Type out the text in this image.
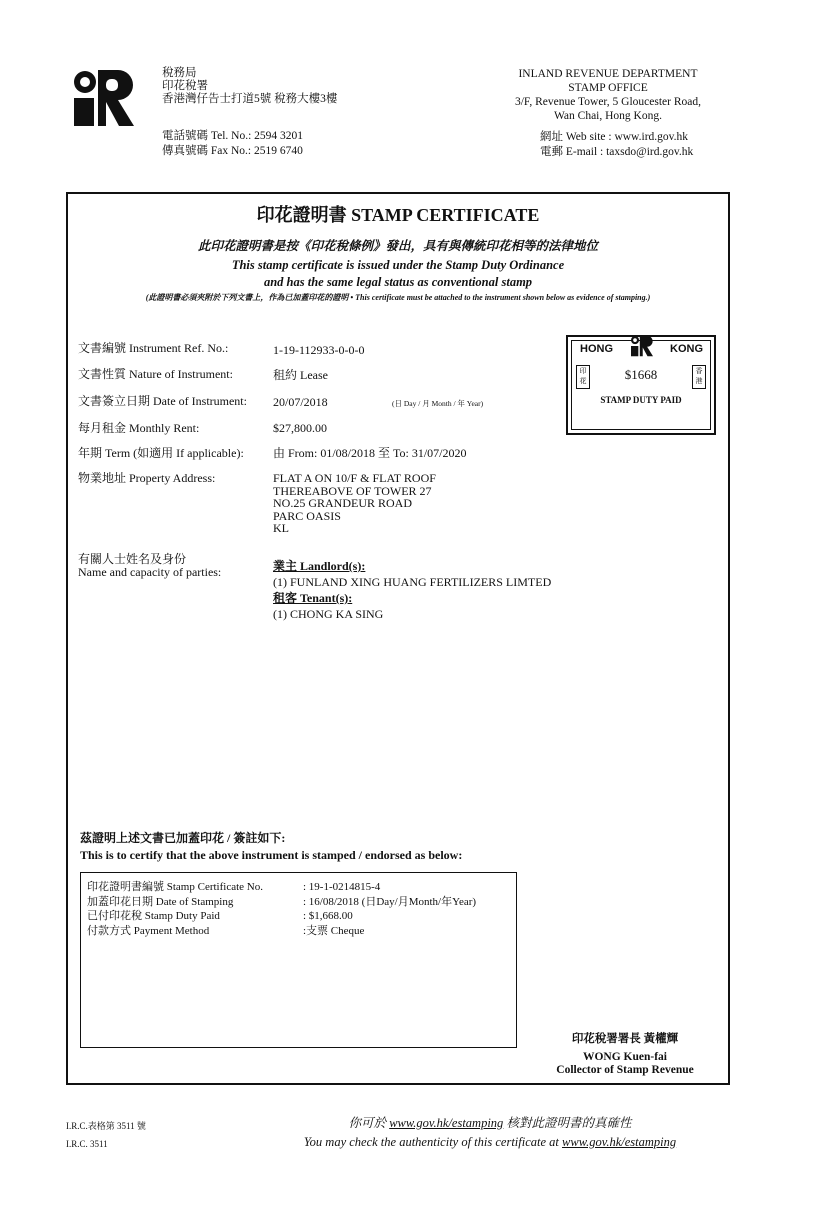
稅務局
印花稅署
香港灣仔告士打道5號 稅務大樓3樓
電話號碼 Tel. No.: 2594 3201
傳真號碼 Fax No.: 2519 6740
INLAND REVENUE DEPARTMENT
STAMP OFFICE
3/F, Revenue Tower, 5 Gloucester Road,
Wan Chai, Hong Kong.
網址 Web site : www.ird.gov.hk
電郵 E-mail : taxsdo@ird.gov.hk
印花證明書 STAMP CERTIFICATE
此印花證明書是按《印花稅條例》發出，具有與傳統印花相等的法律地位
This stamp certificate is issued under the Stamp Duty Ordinance
and has the same legal status as conventional stamp
(此證明書必須夾附於下列文書上，作為已加蓋印花的證明 • This certificate must be attached to the instrument shown below as evidence of stamping.)
文書編號 Instrument Ref. No.:	1-19-112933-0-0-0
文書性質 Nature of Instrument:	租約 Lease
文書簽立日期 Date of Instrument: 20/07/2018	(日 Day / 月 Month / 年 Year)
每月租金 Monthly Rent:	$27,800.00
年期 Term (如適用 If applicable): 由 From: 01/08/2018 至 To: 31/07/2020
物業地址 Property Address:	FLAT A ON 10/F & FLAT ROOF
THEREABOVE OF TOWER 27
NO.25 GRANDEUR ROAD
PARC OASIS
KL
有關人士姓名及身份
Name and capacity of parties:	業主 Landlord(s):
(1) FUNLAND XING HUANG FERTILIZERS LIMTED
租客 Tenant(s):
(1) CHONG KA SING
HONG	KONG
印花
香港
$1668
STAMP DUTY PAID
茲證明上述文書已加蓋印花 / 簽註如下:
This is to certify that the above instrument is stamped / endorsed as below:
印花證明書編號 Stamp Certificate No.	: 19-1-0214815-4
加蓋印花日期 Date of Stamping	: 16/08/2018 (日Day/月Month/年Year)
已付印花稅 Stamp Duty Paid	: $1,668.00
付款方式 Payment Method	:支票 Cheque
印花稅署署長 黃權輝
WONG Kuen-fai
Collector of Stamp Revenue
I.R.C.表格第 3511 號
I.R.C. 3511
你可於 www.gov.hk/estamping 核對此證明書的真確性
You may check the authenticity of this certificate at www.gov.hk/estamping
